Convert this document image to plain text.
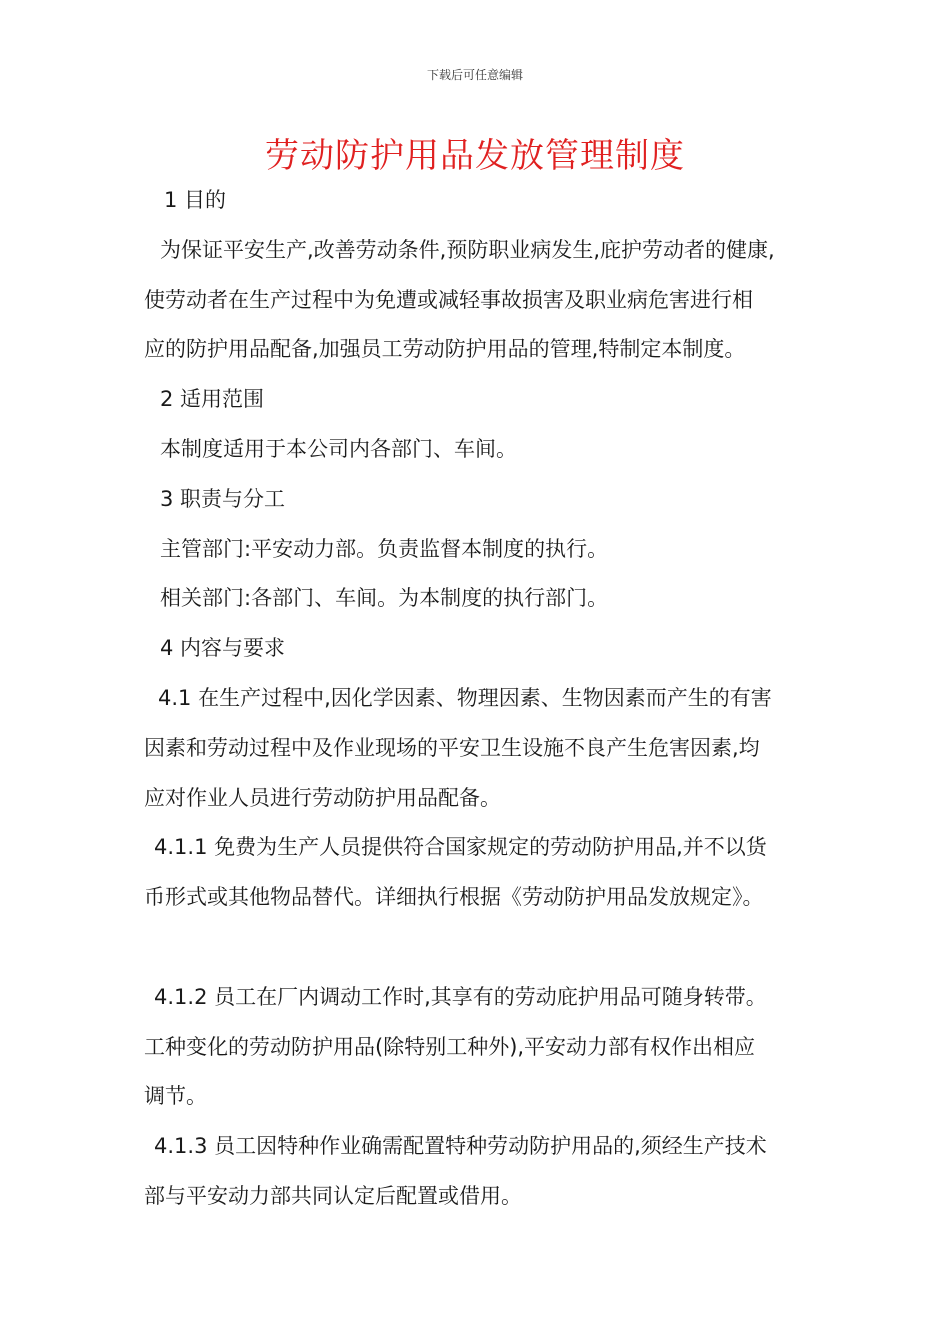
下载后可任意编辑
劳动防护用品发放管理制度
1 目的
为保证平安生产,改善劳动条件,预防职业病发生,庇护劳动者的健康,
使劳动者在生产过程中为免遭或减轻事故损害及职业病危害进行相
应的防护用品配备,加强员工劳动防护用品的管理,特制定本制度。
2 适用范围
本制度适用于本公司内各部门、车间。
3 职责与分工
主管部门:平安动力部。负责监督本制度的执行。
相关部门:各部门、车间。为本制度的执行部门。
4 内容与要求
4.1 在生产过程中,因化学因素、物理因素、生物因素而产生的有害
因素和劳动过程中及作业现场的平安卫生设施不良产生危害因素,均
应对作业人员进行劳动防护用品配备。
4.1.1 免费为生产人员提供符合国家规定的劳动防护用品,并不以货
币形式或其他物品替代。详细执行根据《劳动防护用品发放规定》。
4.1.2 员工在厂内调动工作时,其享有的劳动庇护用品可随身转带。
工种变化的劳动防护用品(除特别工种外),平安动力部有权作出相应
调节。
4.1.3 员工因特种作业确需配置特种劳动防护用品的,须经生产技术
部与平安动力部共同认定后配置或借用。
